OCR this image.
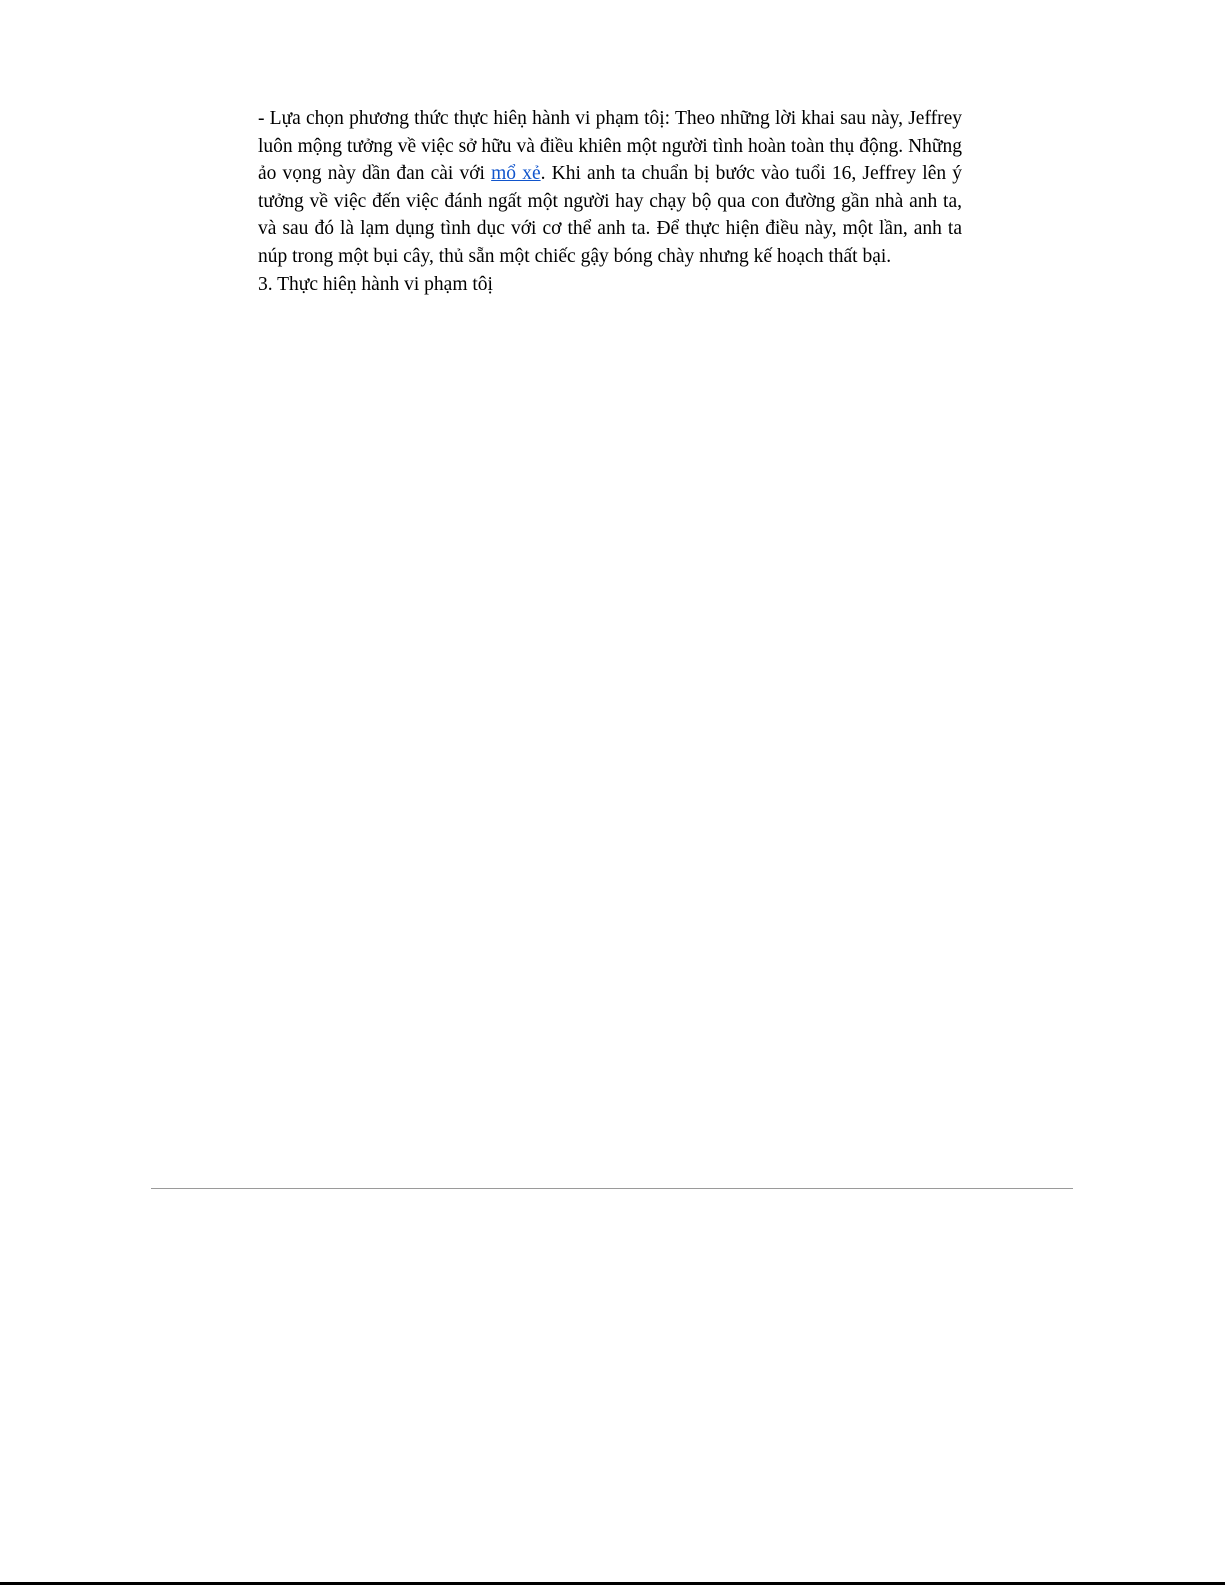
- Lựa chọn phương thức thực hiêṇ hành vi phạm tôị: Theo những lời khai sau này, Jeffrey luôn mộng tưởng về việc sở hữu và điều khiên một người tình hoàn toàn thụ động. Những ảo vọng này dần đan cài với mổ xẻ. Khi anh ta chuẩn bị bước vào tuổi 16, Jeffrey lên ý tưởng về việc đến việc đánh ngất một người hay chạy bộ qua con đường gần nhà anh ta, và sau đó là lạm dụng tình dục với cơ thể anh ta. Để thực hiện điều này, một lần, anh ta núp trong một bụi cây, thủ sẵn một chiếc gậy bóng chày nhưng kế hoạch thất bại.

3. Thực hiêṇ hành vi phạm tôị
